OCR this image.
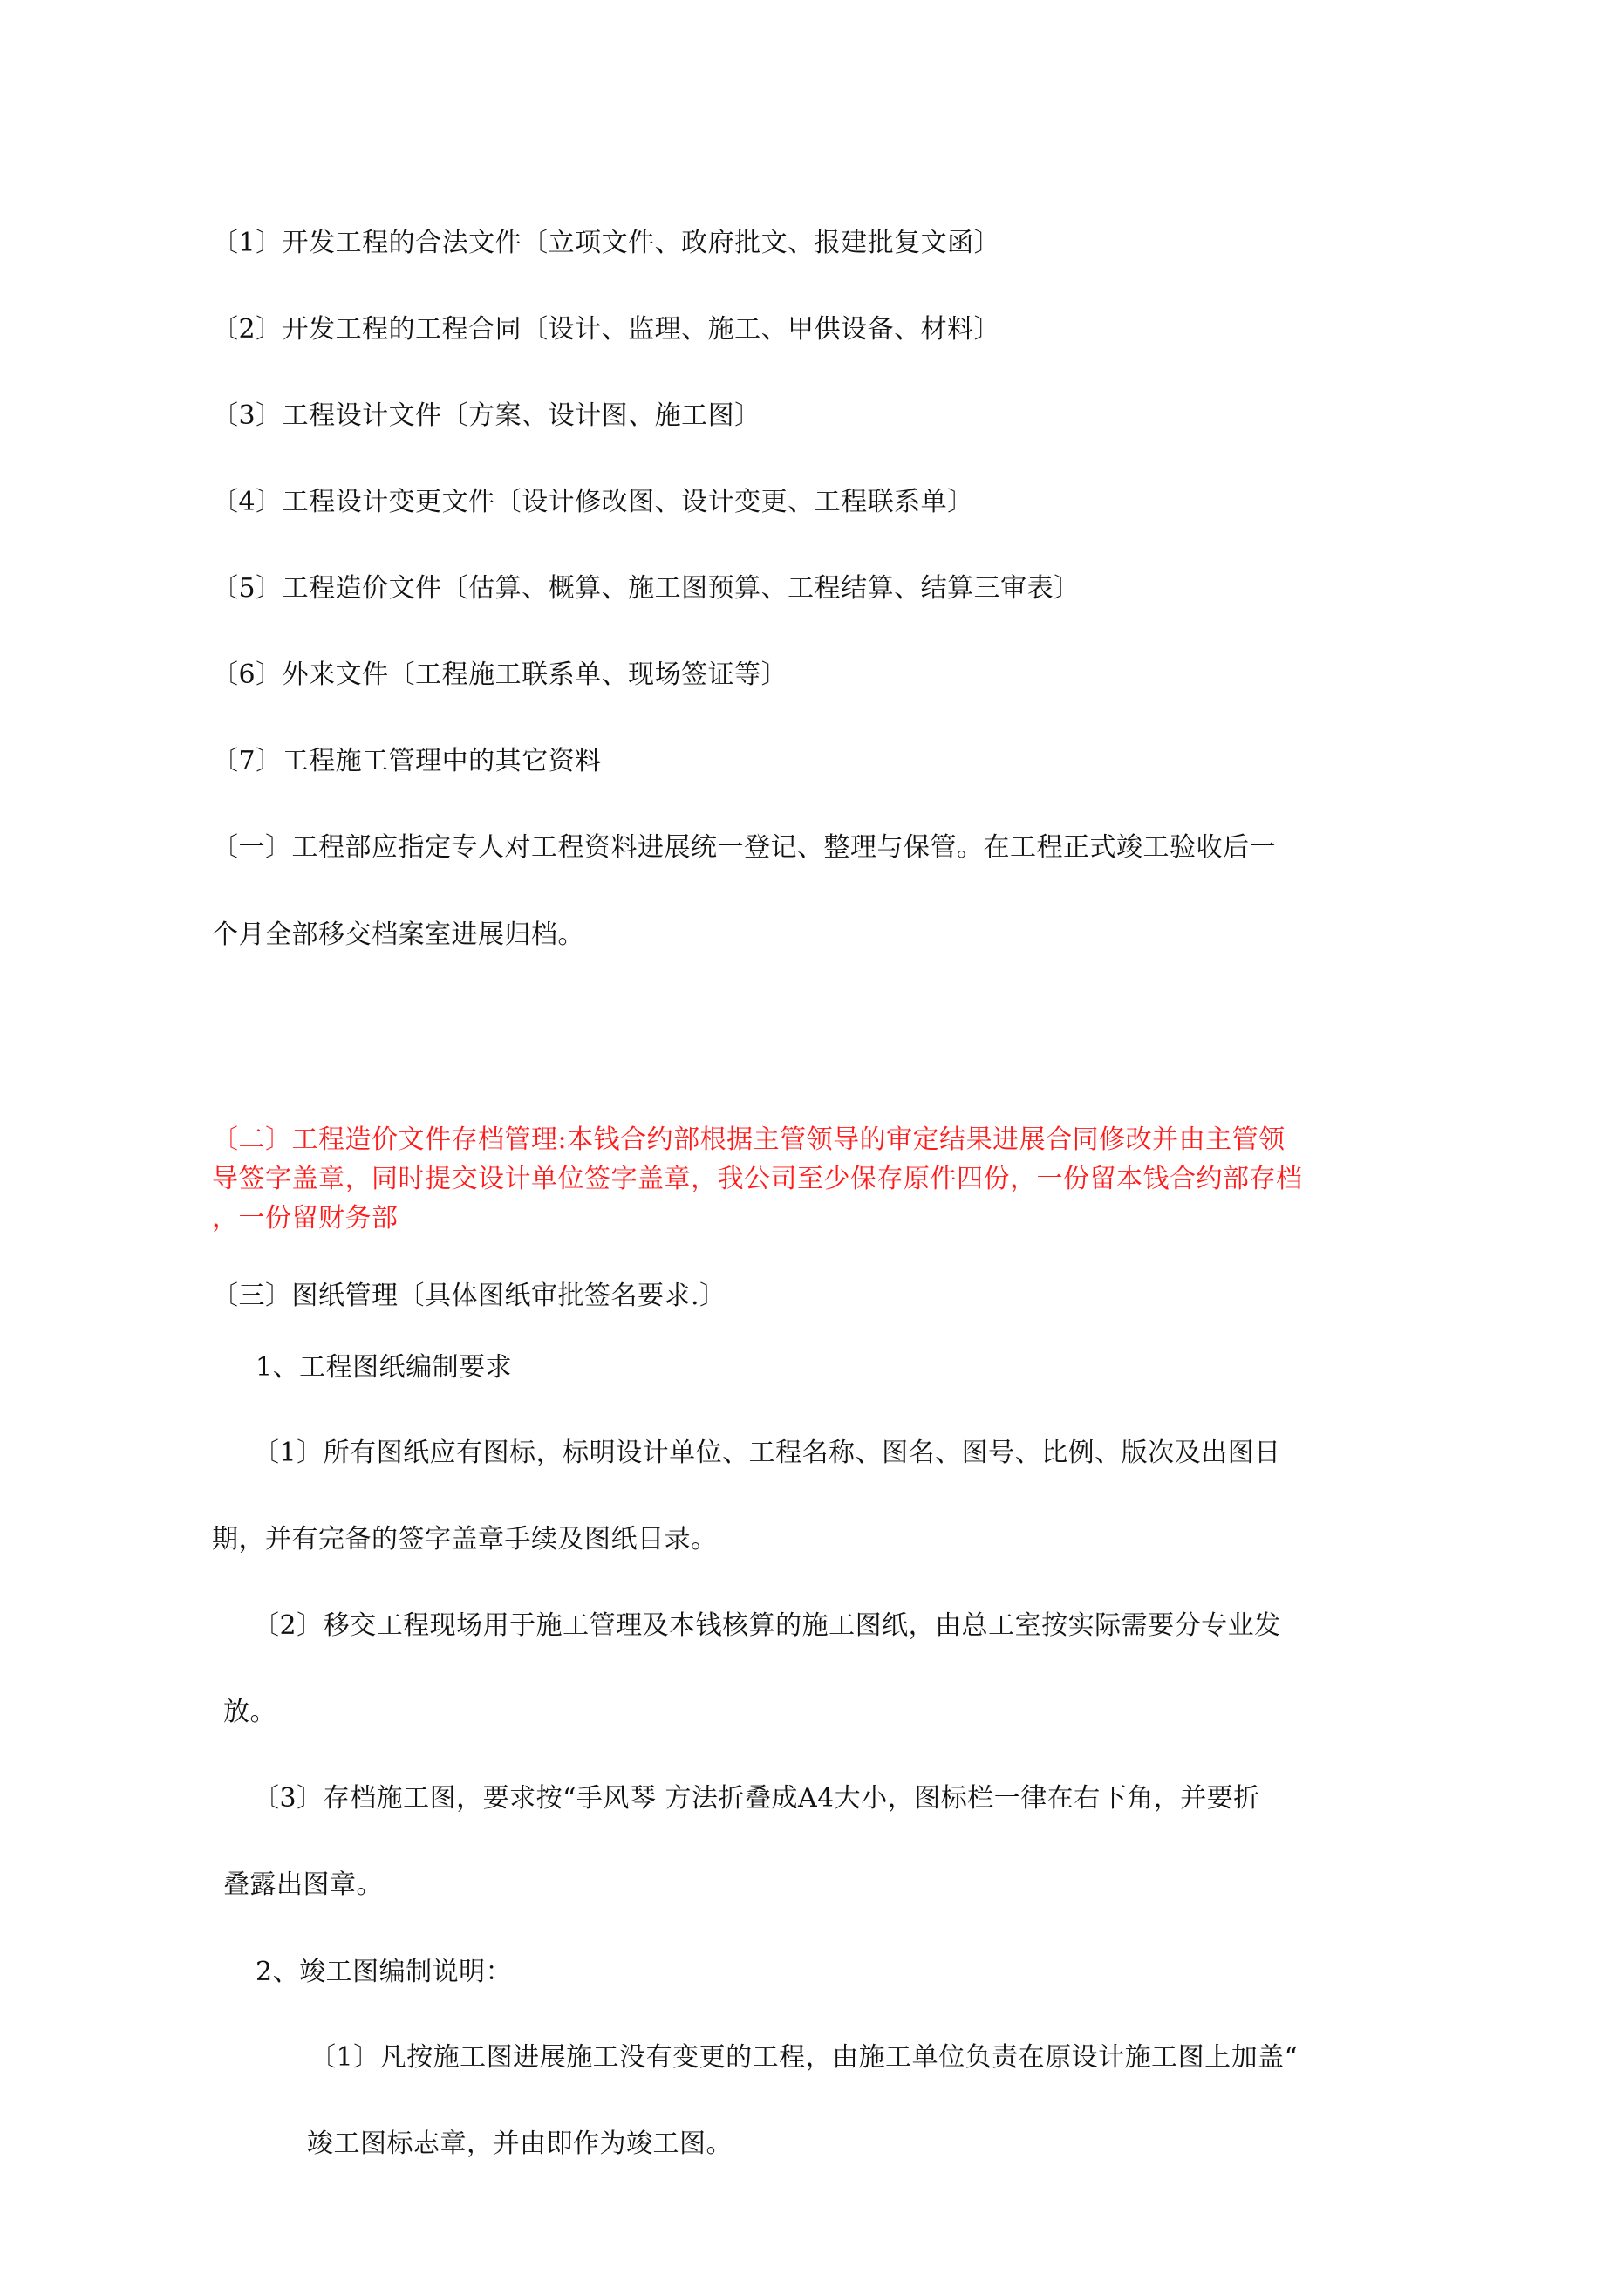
〔1〕开发工程的合法文件〔立项文件、政府批文、报建批复文函〕
〔2〕开发工程的工程合同〔设计、监理、施工、甲供设备、材料〕
〔3〕工程设计文件〔方案、设计图、施工图〕
〔4〕工程设计变更文件〔设计修改图、设计变更、工程联系单〕
〔5〕工程造价文件〔估算、概算、施工图预算、工程结算、结算三审表〕
〔6〕外来文件〔工程施工联系单、现场签证等〕
〔7〕工程施工管理中的其它资料
〔一〕工程部应指定专人对工程资料进展统一登记、整理与保管。在工程正式竣工验收后一
个月全部移交档案室进展归档。
〔二〕工程造价文件存档管理:本钱合约部根据主管领导的审定结果进展合同修改并由主管领
导签字盖章，同时提交设计单位签字盖章，我公司至少保存原件四份，一份留本钱合约部存档
，一份留财务部
〔三〕图纸管理〔具体图纸审批签名要求.〕
1、工程图纸编制要求
〔1〕所有图纸应有图标，标明设计单位、工程名称、图名、图号、比例、版次及出图日
期，并有完备的签字盖章手续及图纸目录。
〔2〕移交工程现场用于施工管理及本钱核算的施工图纸，由总工室按实际需要分专业发
放。
〔3〕存档施工图，要求按“手风琴 方法折叠成A4大小，图标栏一律在右下角，并要折
叠露出图章。
2、竣工图编制说明：
〔1〕凡按施工图进展施工没有变更的工程，由施工单位负责在原设计施工图上加盖“
竣工图标志章，并由即作为竣工图。
